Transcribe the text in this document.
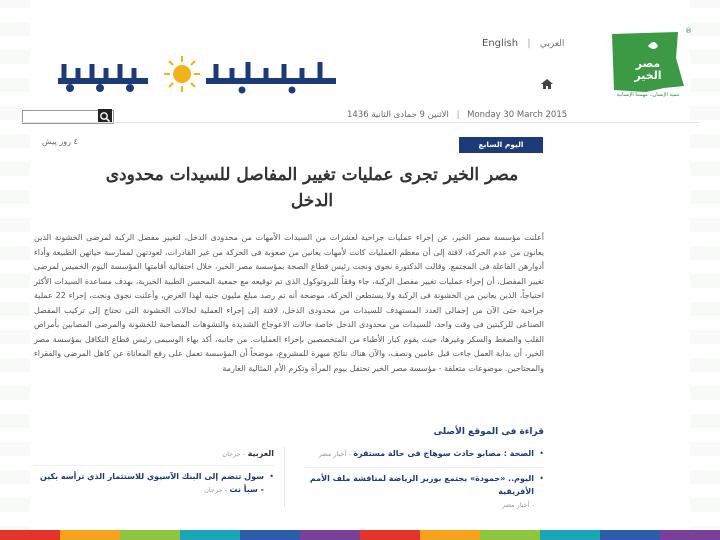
مصر الخير
تنمية الإنسان.. مهمتنا الإنسانية
®
English | العربي
الاثنين 9 جمادى الثانية 1436 | Monday 30 March 2015
اليوم السابع
٤ روز پيش
مصر الخير تجرى عمليات تغيير المفاصل للسيدات محدودى الدخل
أعلنت مؤسسة مصر الخير، عن إجراء عمليات جراحية لعشرات من السيدات الأمهات من محدودى الدخل، لتغيير مفصل الركبة لمرضى الخشونة الذين يعانون من عدم الحركة، لافتة إلى أن معظم العمليات كانت لأمهات يعانين من صعوبة فى الحركة من غير القادرات، لعودتهن لممارسة حياتهن الطبيعة وأداء أدوارهن الفاعلة فى المجتمع. وقالت الدكتورة نجوى ونجت رئيس قطاع الصحة بمؤسسة مصر الخير، خلال احتفالية أقامتها المؤسسة اليوم الخميس لمرضى تغيير المفصل، أن إجراء عمليات تغيير مفصل الركبة، جاء وفقاً للبروتوكول الذى تم توقيعه مع جمعية المحسن الطبية الخيرية، بهدف مساعدة السيدات الأكثر احتياجاً، الذين يعانين من الخشونة فى الركبة ولا يستطعن الحركة، موضحة أنه تم رصد مبلغ مليون جنيه لهذا الغرض، وأعلنت نجوى ونجت، إجراء 22 عملية جراحية حتى الآن من إجمالى العدد المستهدف للسيدات من محدودى الدخل، لافتة إلى إجراء العملية لحالات الخشونة التى تحتاج إلى تركيب المفصل الصناعى للركبتين فى وقت واحد، للسيدات من محدودى الدخل خاصة حالات الاعوجاج الشديدة والتشوهات المصاحبة للخشونة والمرضى المصابين بأمراض القلب والضغط والسكر وغيرها، حيث يقوم كبار الأطباء من المتخصصين بإجراء العمليات. من جانبه، أكد بهاء الوسيمى رئيس قطاع التكافل بمؤسسة مصر الخير، أن بداية العمل جاءت قبل عامين ونصف، والآن هناك نتائج مبهرة للمشروع، موضحاً أن المؤسسة تعمل على رفع المعاناة عن كاهل المرضى والفقراء والمحتاجين. موضوعات متعلقة - مؤسسة مصر الخير تحتفل بيوم المرأة وتكرم الأم المثالية الغارمة
قراءة فى الموقع الأصلى
• الصحة : مصابو حادث سوهاج فى حالة مستقرة - أخبار مصر
• اليوم.. «حمودة» يجتمع بوزير الرياضة لمناقشة ملف الأمم الأفريقية
- أخبار مصر
العربية - جرجان
• سول تنضم إلى البنك الآسيوي للاستثمار الذي ترأسه بكين - سبأ نت - جرجان
